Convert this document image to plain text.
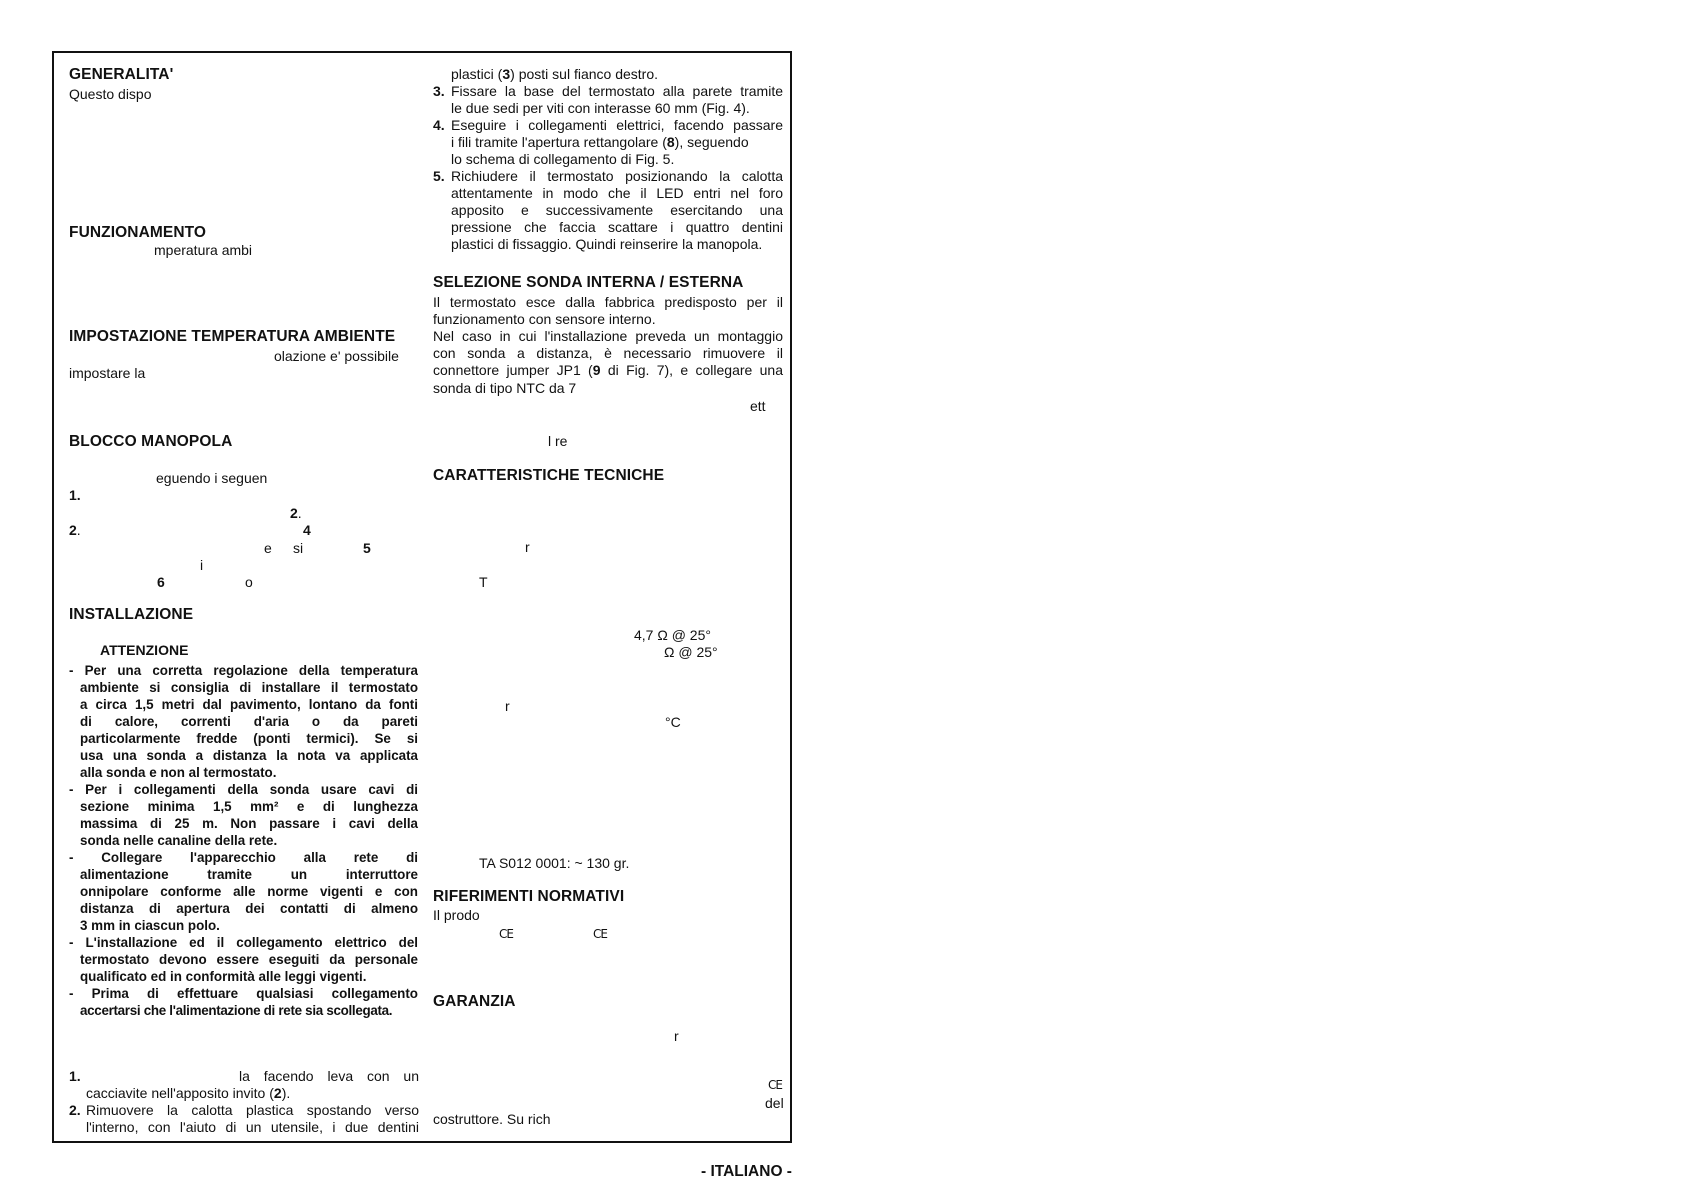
GENERALITA'
Questo dispo
FUNZIONAMENTO
mperatura ambi
IMPOSTAZIONE TEMPERATURA AMBIENTE
olazione e' possibile
impostare la
BLOCCO MANOPOLA
eguendo i seguen
1.
2.
2.	4
e si	5
i
6	o
INSTALLAZIONE
ATTENZIONE
- Per una corretta regolazione della temperatura
ambiente si consiglia di installare il termostato
a circa 1,5 metri dal pavimento, lontano da fonti
di calore, correnti d'aria o da pareti
particolarmente fredde (ponti termici). Se si
usa una sonda a distanza la nota va applicata
alla sonda e non al termostato.
- Per i collegamenti della sonda usare cavi di
sezione minima 1,5 mm² e di lunghezza
massima di 25 m. Non passare i cavi della
sonda nelle canaline della rete.
- Collegare l'apparecchio alla rete di
alimentazione tramite un interruttore
onnipolare conforme alle norme vigenti e con
distanza di apertura dei contatti di almeno
3 mm in ciascun polo.
- L'installazione ed il collegamento elettrico del
termostato devono essere eseguiti da personale
qualificato ed in conformità alle leggi vigenti.
- Prima di effettuare qualsiasi collegamento
accertarsi che l'alimentazione di rete sia scollegata.
1.	la facendo leva con un
cacciavite nell'apposito invito (2).
2. Rimuovere la calotta plastica spostando verso
l'interno, con l'aiuto di un utensile, i due dentini
plastici (3) posti sul fianco destro.
3. Fissare la base del termostato alla parete tramite
le due sedi per viti con interasse 60 mm (Fig. 4).
4. Eseguire i collegamenti elettrici, facendo passare
i fili tramite l'apertura rettangolare (8), seguendo
lo schema di collegamento di Fig. 5.
5. Richiudere il termostato posizionando la calotta
attentamente in modo che il LED entri nel foro
apposito e successivamente esercitando una
pressione che faccia scattare i quattro dentini
plastici di fissaggio. Quindi reinserire la manopola.
SELEZIONE SONDA INTERNA / ESTERNA
Il termostato esce dalla fabbrica predisposto per il
funzionamento con sensore interno.
Nel caso in cui l'installazione preveda un montaggio
con sonda a distanza, è necessario rimuovere il
connettore jumper JP1 (9 di Fig. 7), e collegare una
sonda di tipo NTC da 7
ett
l re
CARATTERISTICHE TECNICHE
r
T
4,7 Ω @ 25°
Ω @ 25°
r
°C
TA S012 0001: ~ 130 gr.
RIFERIMENTI NORMATIVI
Il prodo
CE	CE
GARANZIA
r
CE
del
costruttore. Su rich
- ITALIANO -
